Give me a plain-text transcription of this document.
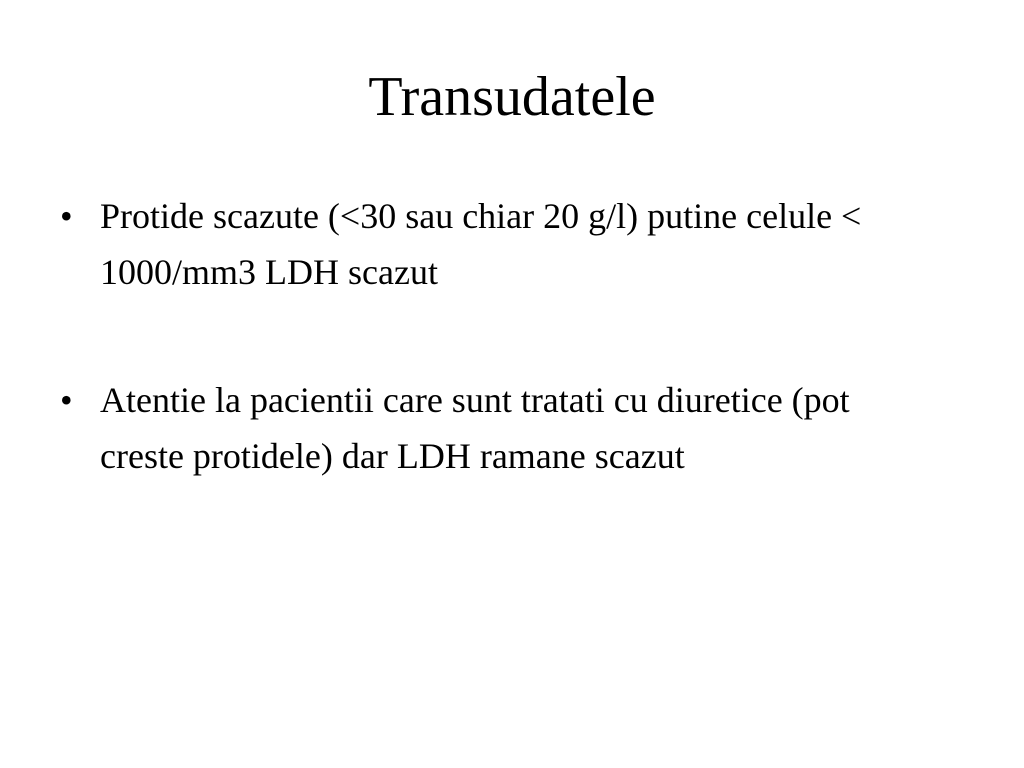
Transudatele
• Protide scazute (<30 sau chiar 20 g/l) putine celule < 1000/mm3 LDH scazut
• Atentie la pacientii care sunt tratati cu diuretice (pot creste protidele) dar LDH ramane scazut
